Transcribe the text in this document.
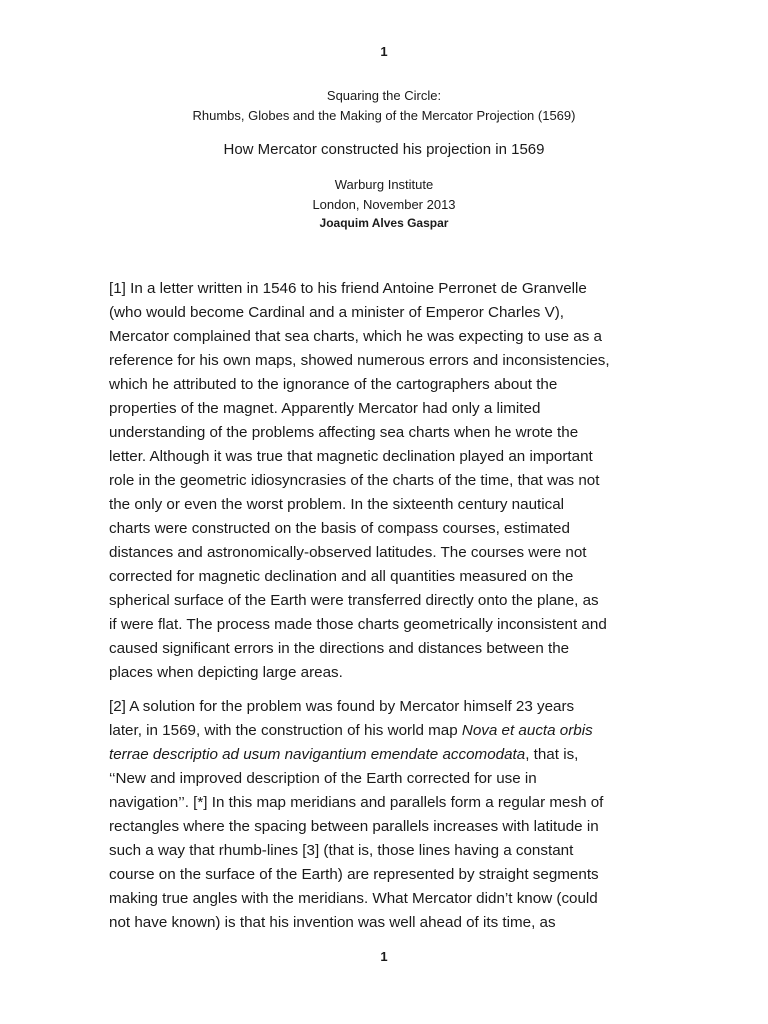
1
Squaring the Circle:
Rhumbs, Globes and the Making of the Mercator Projection (1569)
How Mercator constructed his projection in 1569
Warburg Institute
London, November 2013
Joaquim Alves Gaspar
[1] In a letter written in 1546 to his friend Antoine Perronet de Granvelle
(who would become Cardinal and a minister of Emperor Charles V),
Mercator complained that sea charts, which he was expecting to use as a
reference for his own maps, showed numerous errors and inconsistencies,
which he attributed to the ignorance of the cartographers about the
properties of the magnet. Apparently Mercator had only a limited
understanding of the problems affecting sea charts when he wrote the
letter. Although it was true that magnetic declination played an important
role in the geometric idiosyncrasies of the charts of the time, that was not
the only or even the worst problem. In the sixteenth century nautical
charts were constructed on the basis of compass courses, estimated
distances and astronomically-observed latitudes. The courses were not
corrected for magnetic declination and all quantities measured on the
spherical surface of the Earth were transferred directly onto the plane, as
if were flat. The process made those charts geometrically inconsistent and
caused significant errors in the directions and distances between the
places when depicting large areas.
[2] A solution for the problem was found by Mercator himself 23 years
later, in 1569, with the construction of his world map Nova et aucta orbis
terrae descriptio ad usum navigantium emendate accomodata, that is,
‘‘New and improved description of the Earth corrected for use in
navigation’’. [*] In this map meridians and parallels form a regular mesh of
rectangles where the spacing between parallels increases with latitude in
such a way that rhumb-lines [3] (that is, those lines having a constant
course on the surface of the Earth) are represented by straight segments
making true angles with the meridians. What Mercator didn’t know (could
not have known) is that his invention was well ahead of its time, as
1
